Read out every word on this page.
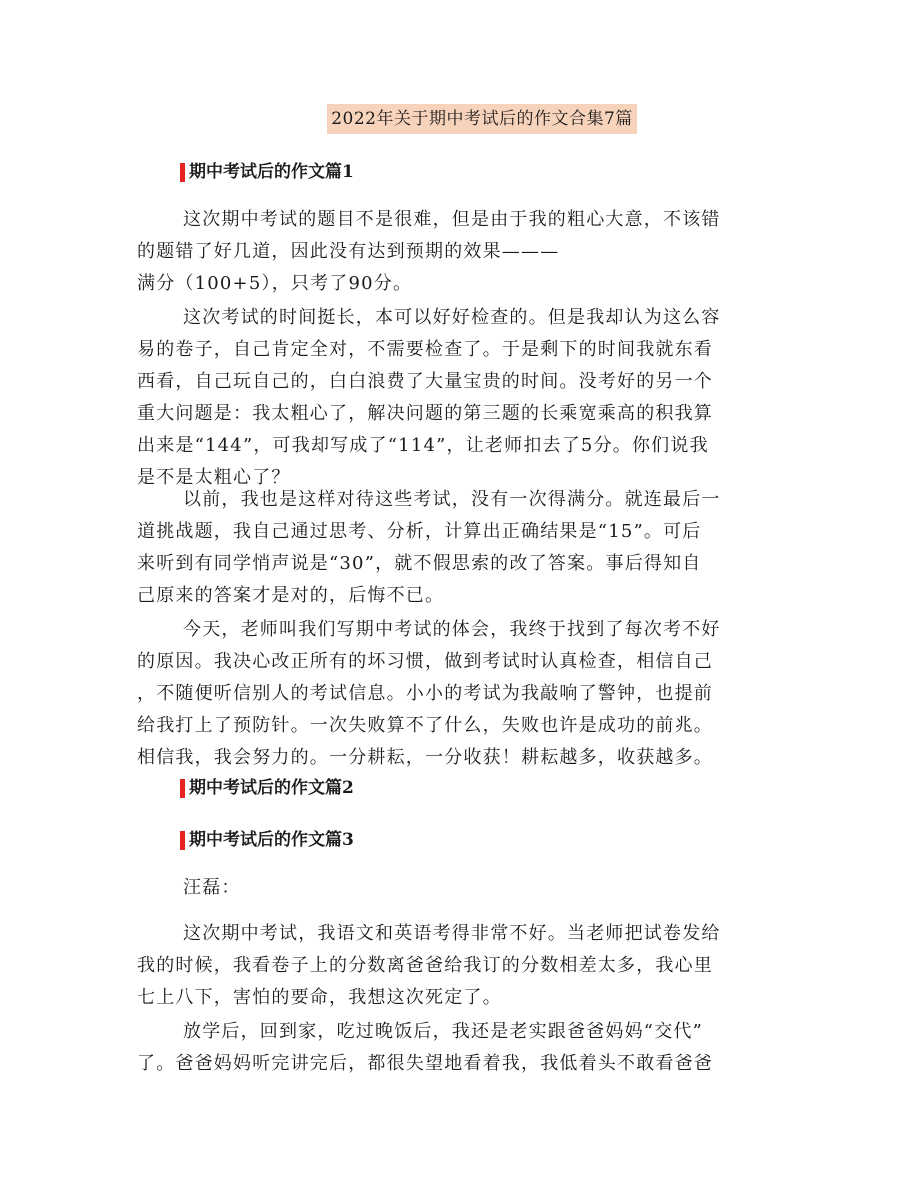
2022年关于期中考试后的作文合集7篇
期中考试后的作文篇1
这次期中考试的题目不是很难，但是由于我的粗心大意，不该错
的题错了好几道，因此没有达到预期的效果———
满分（100+5），只考了90分。
这次考试的时间挺长，本可以好好检查的。但是我却认为这么容
易的卷子，自己肯定全对，不需要检查了。于是剩下的时间我就东看
西看，自己玩自己的，白白浪费了大量宝贵的时间。没考好的另一个
重大问题是：我太粗心了，解决问题的第三题的长乘宽乘高的积我算
出来是“144”，可我却写成了“114”，让老师扣去了5分。你们说我
是不是太粗心了？
以前，我也是这样对待这些考试，没有一次得满分。就连最后一
道挑战题，我自己通过思考、分析，计算出正确结果是“15”。可后
来听到有同学悄声说是“30”，就不假思索的改了答案。事后得知自
己原来的答案才是对的，后悔不已。
今天，老师叫我们写期中考试的体会，我终于找到了每次考不好
的原因。我决心改正所有的坏习惯，做到考试时认真检查，相信自己
，不随便听信别人的考试信息。小小的考试为我敲响了警钟，也提前
给我打上了预防针。一次失败算不了什么，失败也许是成功的前兆。
相信我，我会努力的。一分耕耘，一分收获！耕耘越多，收获越多。
期中考试后的作文篇2
期中考试后的作文篇3
汪磊：
这次期中考试，我语文和英语考得非常不好。当老师把试卷发给
我的时候，我看卷子上的分数离爸爸给我订的分数相差太多，我心里
七上八下，害怕的要命，我想这次死定了。
放学后，回到家，吃过晚饭后，我还是老实跟爸爸妈妈“交代”
了。爸爸妈妈听完讲完后，都很失望地看着我，我低着头不敢看爸爸
